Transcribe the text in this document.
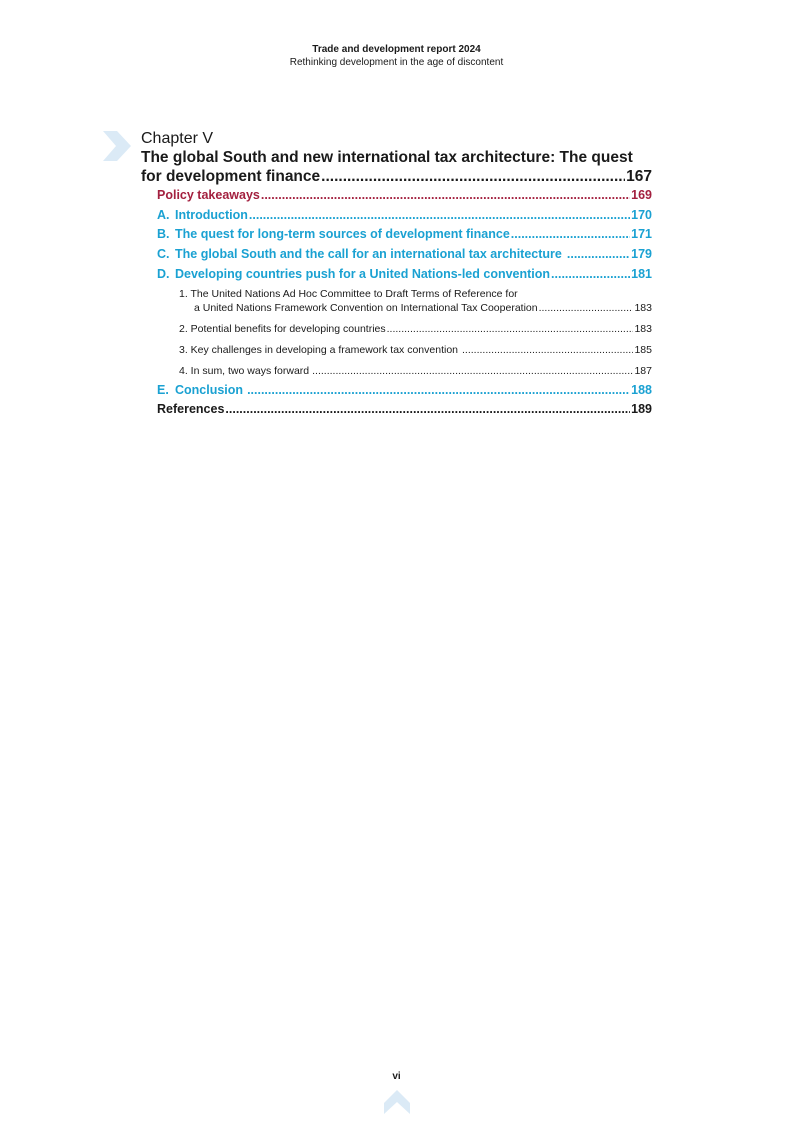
Trade and development report 2024
Rethinking development in the age of discontent
Chapter V
The global South and new international tax architecture: The quest
for development finance .....	167
Policy takeaways .....	169
A. Introduction .....	170
B. The quest for long-term sources of development finance .....	171
C. The global South and the call for an international tax architecture .....	179
D. Developing countries push for a United Nations-led convention .....	181
1. The United Nations Ad Hoc Committee to Draft Terms of Reference for
a United Nations Framework Convention on International Tax Cooperation .....	183
2. Potential benefits for developing countries .....	183
3. Key challenges in developing a framework tax convention .....	185
4. In sum, two ways forward .....	187
E. Conclusion .....	188
References .....	189
vi
